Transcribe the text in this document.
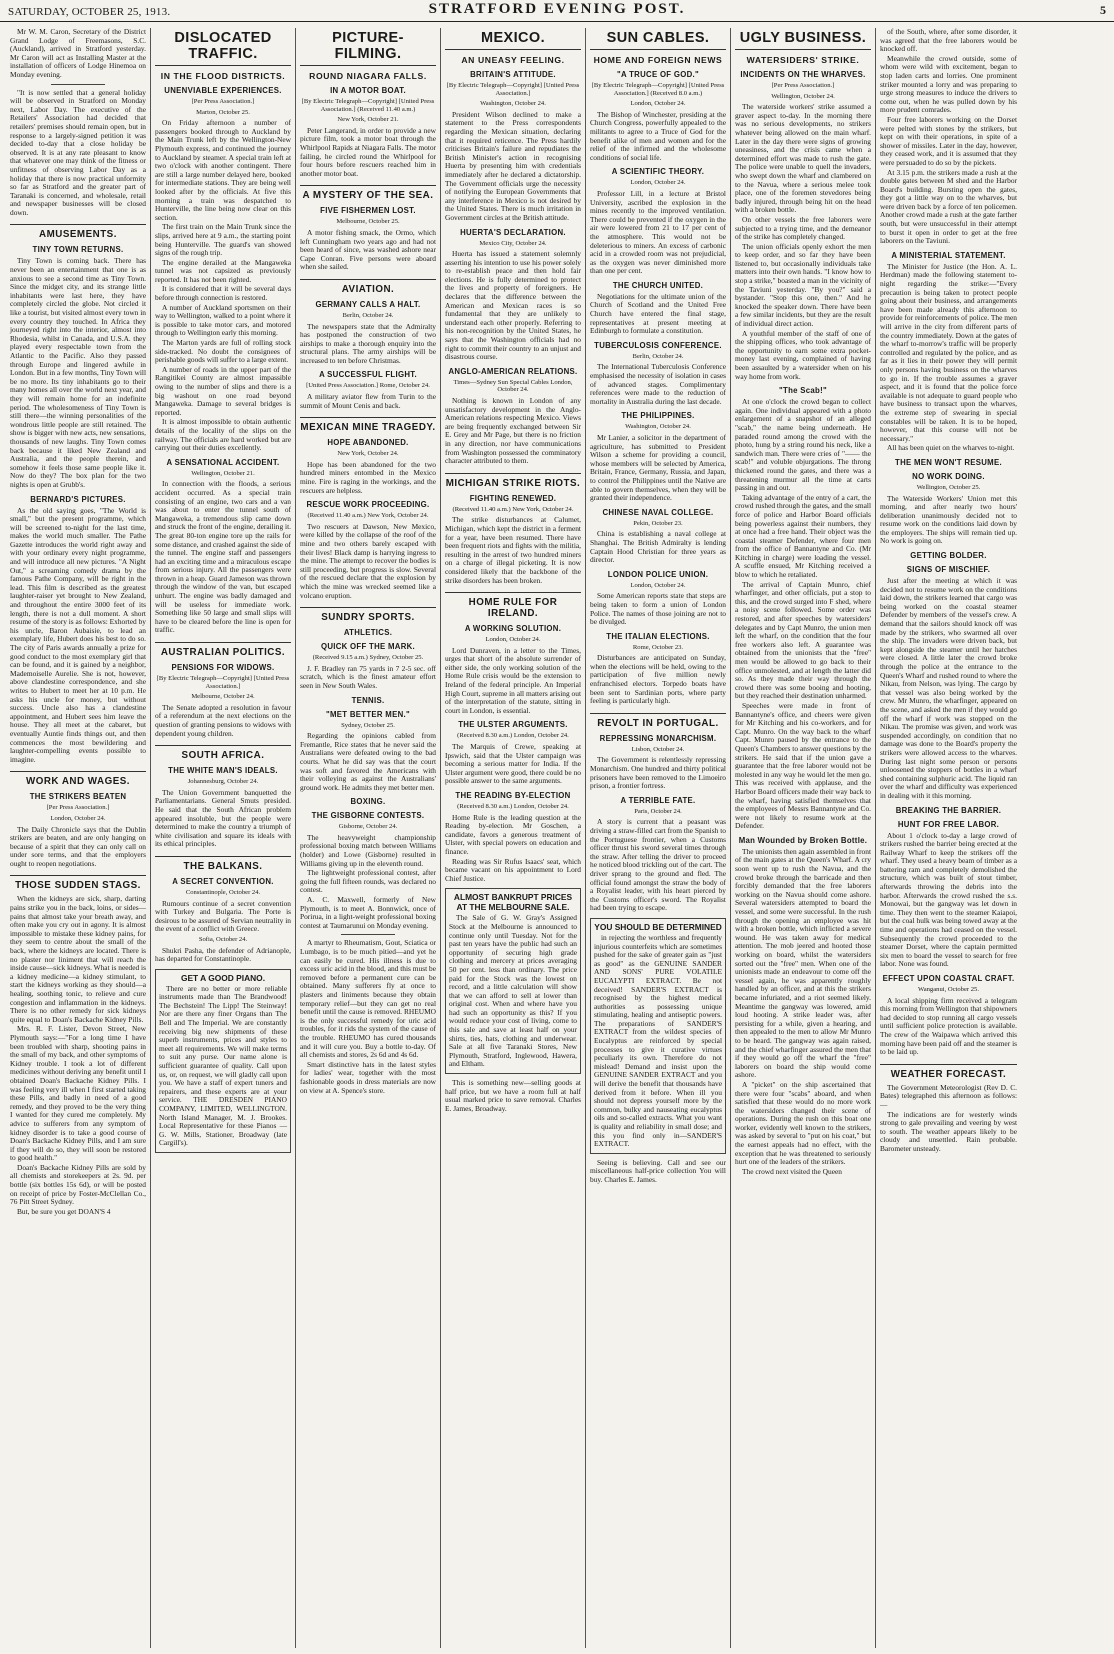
SATURDAY, OCTOBER 25, 1913.	STRATFORD EVENING POST.	5

Mr W. M. Caron, Secretary of the District Grand Lodge of Freemasons, S.C. (Auckland), arrived in Stratford yesterday. Mr Caron will act as Installing Master at the installation of officers of Lodge Hinemoa on Monday evening.

"It is now settled that a general holiday will be observed in Stratford on Monday next, Labor Day. The executive of the Retailers' Association had decided that retailers' premises should remain open, but in response to a largely-signed petition it was decided to-day that a close holiday be observed. It is at any rate pleasant to know that whatever one may think of the fitness or unfitness of observing Labor Day as a holiday that there is now practical unformity so far as Stratford and the greater part of Taranaki is concerned, and wholesale, retail and newspaper businesses will be closed down.

AMUSEMENTS.
TINY TOWN RETURNS.

Tiny Town is coming back. There has never been an entertainment that one is as anxious to see a second time as Tiny Town. Since the midget city, and its strange little inhabitants were last here, they have completely circled the globe. Not circled it like a tourist, but visited almost every town in every country they touched. In Africa they journeyed right into the interior, almost into Rhodesia, whilst in Canada, and U.S.A. they played every respectable town from the Atlantic to the Pacific. Also they passed through Europe and lingered awhile in London. But in a few months, Tiny Town will be no more. Its tiny inhabitants go to their many homes all over the world next year, and they will remain home for an indefinite period. The wholesomeness of Tiny Town is still there—the winning personalities of the wondrous little people are still retained. The show is bigger with new acts, new sensations, thousands of new laughs. Tiny Town comes back because it liked New Zealand and Australia, and the people therein, and somehow it feels those same people like it. Now do they? The box plan for the two nights is open at Grubb's.

BERNARD'S PICTURES.

As the old saying goes, "The World is small," but the present programme, which will be screened to-night for the last time, makes the world much smaller. The Pathe Gazette introduces the world right away and with your ordinary every night programme, and will introduce all new pictures. "A Night Out," a screaming comedy drama by the famous Pathe Company, will be right in the lead. This film is described as the greatest laughter-raiser yet brought to New Zealand, and throughout the entire 3000 feet of its length, there is not a dull moment. A short resume of the story is as follows: Exhorted by his uncle, Baron Aubaisie, to lead an exemplary life, Hubert does his best to do so. The city of Paris awards annually a prize for good conduct to the most exemplary girl that can be found, and it is gained by a neighbor, Mademoiselle Aurelie. She is not, however, above clandestine correspondence, and she writes to Hubert to meet her at 10 p.m. He asks his uncle for money, but without success. Uncle also has a clandestine appointment, and Hubert sees him leave the house. They all meet at the cabaret, but eventually Auntie finds things out, and then commences the most bewildering and laughter-compelling events possible to imagine.

WORK AND WAGES.
THE STRIKERS BEATEN
[Per Press Association.]
London, October 24.

The Daily Chronicle says that the Dublin strikers are beaten, and are only hanging on because of a spirit that they can only call on under sore terms, and that the employers ought to reopen negotiations.

THOSE SUDDEN STAGS.

When the kidneys are sick, sharp, darting pains strike you in the back, loins, or sides—pains that almost take your breath away, and often make you cry out in agony. It is almost impossible to mistake these kidney pains, for they seem to centre about the small of the back, where the kidneys are located. There is no plaster nor liniment that will reach the inside cause—sick kidneys. What is needed is a kidney medicine—a kidney stimulant, to start the kidneys working as they should—a healing, soothing tonic, to relieve and cure congestion and inflammation in the kidneys. There is no other remedy for sick kidneys quite equal to Doan's Backache Kidney Pills.

Mrs. R. F. Lister, Devon Street, New Plymouth says:—"For a long time I have been troubled with sharp, shooting pains in the small of my back, and other symptoms of Kidney trouble. I took a lot of different medicines without deriving any benefit until I obtained Doan's Backache Kidney Pills. I was feeling very ill when I first started taking these Pills, and badly in need of a good remedy, and they proved to be the very thing I wanted for they cured me completely. My advice to sufferers from any symptom of kidney disorder is to take a good course of Doan's Backache Kidney Pills, and I am sure if they will do so, they will soon be restored to good health."

Doan's Backache Kidney Pills are sold by all chemists and storekeepers at 2s. 9d. per bottle (six bottles 15s 6d), or will be posted on receipt of price by Foster-McClellan Co., 76 Pitt Street Sydney.

But, be sure you get DOAN'S 4

DISLOCATED TRAFFIC.
IN THE FLOOD DISTRICTS.
UNENVIABLE EXPERIENCES.
[Per Press Association.]
Marton, October 25.

On Friday afternoon a number of passengers booked through to Auckland by the Main Trunk left by the Wellington-New Plymouth express, and continued the journey to Auckland by steamer. A special train left at two o'clock with another contingent. There are still a large number delayed here, booked for intermediate stations. They are being well looked after by the officials. At five this morning a train was despatched to Hunterville, the line being now clear on this section.

The first train on the Main Trunk since the slips, arrived here at 9 a.m., the starting point being Hunterville. The guard's van showed signs of the rough trip.

The engine derailed at the Mangaweka tunnel was not capsized as previously reported. It has not been righted.

It is considered that it will be several days before through connection is restored.

A number of Auckland sportsmen on their way to Wellington, walked to a point where it is possible to take motor cars, and motored through to Wellington early this morning.

The Marton yards are full of rolling stock side-tracked. No doubt the consignees of perishable goods will suffer to a large extent.

A number of roads in the upper part of the Rangitikei County are almost impassible owing to the number of slips and there is a big washout on one road beyond Mangaweka. Damage to several bridges is reported.

It is almost impossible to obtain authentic details of the locality of the slips on the railway. The officials are hard worked but are carrying out their duties excellently.

A SENSATIONAL ACCIDENT.
Wellington, October 21.

In connection with the floods, a serious accident occurred. As a special train consisting of an engine, two cars and a van was about to enter the tunnel south of Mangaweka, a tremendous slip came down and struck the front of the engine, derailing it. The great 80-ton engine tore up the rails for some distance, and crashed against the side of the tunnel. The engine staff and passengers had an exciting time and a miraculous escape from serious injury. All the passengers were thrown in a heap. Guard Jameson was thrown through the window of the van, but escaped unhurt. The engine was badly damaged and will be useless for immediate work. Something like 50 large and small slips will have to be cleared before the line is open for traffic.

AUSTRALIAN POLITICS.
PENSIONS FOR WIDOWS.
[By Electric Telegraph—Copyright] [United Press Association.]
Melbourne, October 24.

The Senate adopted a resolution in favour of a referendum at the next elections on the question of granting pensions to widows with dependent young children.

SOUTH AFRICA.
THE WHITE MAN'S IDEALS.
Johannesburg, October 24.

The Union Government banquetted the Parliamentarians. General Smuts presided. He said that the South African problem appeared insoluble, but the people were determined to make the country a triumph of white civilisation and square its ideals with its ethical principles.

THE BALKANS.
A SECRET CONVENTION.
Constantinople, October 24.

Rumours continue of a secret convention with Turkey and Bulgaria. The Porte is desirous to be assured of Servian neutrality in the event of a conflict with Greece.

Sofia, October 24.

Shukri Pasha, the defender of Adrianople, has departed for Constantinople.

GET A GOOD PIANO.

There are no better or more reliable instruments made than The Brandwood! The Bechstein! The Lipp! The Steinway! Nor are there any finer Organs than The Bell and The Imperial. We are constantly receiving big new shipments of these superb instruments, prices and styles to meet all requirements. We will make terms to suit any purse. Our name alone is sufficient guarantee of quality. Call upon us, or, on request, we will gladly call upon you. We have a staff of expert tuners and repairers, and these experts are at your service. THE DRESDEN PIANO COMPANY, LIMITED, WELLINGTON. North Island Manager, M. J. Brookes. Local Representative for these Pianos —G. W. Mills, Stationer, Broadway (late Cargill's).

PICTURE-FILMING.
ROUND NIAGARA FALLS.
IN A MOTOR BOAT.
[By Electric Telegraph—Copyright] [United Press Association.] (Received 11.40 a.m.)
New York, October 21.

Peter Langerand, in order to provide a new picture film, took a motor boat through the Whirlpool Rapids at Niagara Falls. The motor failing, he circled round the Whirlpool for four hours before rescuers reached him in another motor boat.

A MYSTERY OF THE SEA.
FIVE FISHERMEN LOST.
Melbourne, October 25.

A motor fishing smack, the Ormo, which left Cunningham two years ago and had not been heard of since, was washed ashore near Cape Conran. Five persons were aboard when she sailed.

AVIATION.
GERMANY CALLS A HALT.
Berlin, October 24.

The newspapers state that the Admiralty has postponed the construction of two airships to make a thorough enquiry into the structural plans. The army airships will be increased to ten before Christmas.

A SUCCESSFUL FLIGHT.
[United Press Association.] Rome, October 24.

A military aviator flew from Turin to the summit of Mount Cenis and back.

MEXICAN MINE TRAGEDY.
HOPE ABANDONED.
New York, October 24.

Hope has been abandoned for the two hundred miners entombed in the Mexico mine. Fire is raging in the workings, and the rescuers are helpless.

RESCUE WORK PROCEEDING.
(Received 11.40 a.m.) New York, October 24.

Two rescuers at Dawson, New Mexico, were killed by the collapse of the roof of the mine and two others barely escaped with their lives! Black damp is harrying ingress to the mine. The attempt to recover the bodies is still proceeding, but progress is slow. Several of the rescued declare that the explosion by which the mine was wrecked seemed like a volcano eruption.

SUNDRY SPORTS.
ATHLETICS.
QUICK OFF THE MARK.
(Received 9.15 a.m.) Sydney, October 25.

J. F. Bradley ran 75 yards in 7 2-5 sec. off scratch, which is the finest amateur effort seen in New South Wales.

TENNIS.
"MET BETTER MEN."
Sydney, October 25.

Regarding the opinions cabled from Fremantle, Rice states that he never said the Australians were defeated owing to the bad courts. What he did say was that the court was soft and favored the Americans with their volleying as against the Australians' ground work. He admits they met better men.

BOXING.
THE GISBORNE CONTESTS.
Gisborne, October 24.

The heavyweight championship professional boxing match between Williams (holder) and Lowe (Gisborne) resulted in Williams giving up in the eleventh round.

The lightweight professional contest, after going the full fifteen rounds, was declared no contest.

A. C. Maxwell, formerly of New Plymouth, is to meet A. Bonnwick, once of Porirua, in a light-weight professional boxing contest at Taumarunui on Monday evening.

A martyr to Rheumatism, Gout, Sciatica or Lumbago, is to be much pitied—and yet he can easily be cured. His illness is due to excess uric acid in the blood, and this must be removed before a permanent cure can be obtained. Many sufferers fly at once to plasters and liniments because they obtain temporary relief—but they can get no real benefit until the cause is removed. RHEUMO is the only successful remedy for uric acid troubles, for it rids the system of the cause of the trouble. RHEUMO has cured thousands and it will cure you. Buy a bottle to-day. Of all chemists and stores, 2s 6d and 4s 6d.

Smart distinctive hats in the latest styles for ladies' wear, together with the most fashionable goods in dress materials are now on view at A. Spence's store.

MEXICO.
AN UNEASY FEELING.
BRITAIN'S ATTITUDE.
[By Electric Telegraph—Copyright] [United Press Association.]
Washington, October 24.

President Wilson declined to make a statement to the Press correspondents regarding the Mexican situation, declaring that it required reticence. The Press hardily criticises Britain's failure and repudiates the British Minister's action in recognising Huerta by presenting him with credentials immediately after he declared a dictatorship. The Government officials urge the necessity of notifying the European Governments that any interference in Mexico is not desired by the United States. There is much irritation in Government circles at the British attitude.

HUERTA'S DECLARATION.
Mexico City, October 24.

Huerta has issued a statement solemnly asserting his intention to use his power solely to re-establish peace and then hold fair elections. He is fully determined to protect the lives and property of foreigners. He declares that the difference between the American and Mexican races is so fundamental that they are unlikely to understand each other properly. Referring to his non-recognition by the United States, he says that the Washington officials had no right to commit their country to an unjust and disastrous course.

ANGLO-AMERICAN RELATIONS.
Times—Sydney Sun Special Cables London, October 24.

Nothing is known in London of any unsatisfactory development in the Anglo-American relations respecting Mexico. Views are being frequently exchanged between Sir E. Grey and Mr Page, but there is no friction in any direction, nor have communications from Washington possessed the comminatory character attributed to them.

MICHIGAN STRIKE RIOTS.
FIGHTING RENEWED.
(Received 11.40 a.m.) New York, October 24.

The strike disturbances at Calumet, Michigan, which kept the district in a ferment for a year, have been resumed. There have been frequent riots and fights with the militia, resulting in the arrest of two hundred miners on a charge of illegal picketing. It is now considered likely that the backbone of the strike disorders has been broken.

HOME RULE FOR IRELAND.
A WORKING SOLUTION.
London, October 24.

Lord Dunraven, in a letter to the Times, urges that short of the absolute surrender of either side, the only working solution of the Home Rule crisis would be the extension to Ireland of the federal principle. An Imperial High Court, supreme in all matters arising out of the interpretation of the statute, sitting in court in London, is essential.

THE ULSTER ARGUMENTS.
(Received 8.30 a.m.) London, October 24.

The Marquis of Crewe, speaking at Ipswich, said that the Ulster campaign was becoming a serious matter for India. If the Ulster argument were good, there could be no possible answer to the same arguments.

THE READING BY-ELECTION
(Received 8.30 a.m.) London, October 24.

Home Rule is the leading question at the Reading by-election. Mr Goschen, a candidate, favors a generous treatment of Ulster, with special powers on education and finance.

Reading was Sir Rufus Isaacs' seat, which became vacant on his appointment to Lord Chief Justice.

ALMOST BANKRUPT PRICES AT THE MELBOURNE SALE.

The Sale of G. W. Gray's Assigned Stock at the Melbourne is announced to continue only until Tuesday. Not for the past ten years have the public had such an opportunity of securing high grade clothing and mercery at prices averaging 50 per cent. less than ordinary. The price paid for the Stock was the lowest on record, and a little calculation will show that we can afford to sell at lower than original cost. When and where have you had such an opportunity as this? If you would reduce your cost of living, come to this sale and save at least half on your shirts, ties, hats, clothing and underwear. Sale at all five Taranaki Stores, New Plymouth, Stratford, Inglewood, Hawera, and Eltham.

This is something new—selling goods at half price, but we have a room full at half usual marked price to save removal. Charles E. James, Broadway.

SUN CABLES.
HOME AND FOREIGN NEWS
"A TRUCE OF GOD."
[By Electric Telegraph—Copyright] [United Press Association.] (Received 8.0 a.m.)
London, October 24.

The Bishop of Winchester, presiding at the Church Congress, powerfully appealed to the militants to agree to a Truce of God for the benefit alike of men and women and for the relief of the infirmed and the wholesome conditions of social life.

A SCIENTIFIC THEORY.
London, October 24.

Professor Lill, in a lecture at Bristol University, ascribed the explosion in the mines recently to the improved ventilation. There could be prevented if the oxygen in the air were lowered from 21 to 17 per cent of the atmosphere. This would not be deleterious to miners. An excess of carbonic acid in a crowded room was not prejudicial, as the oxygen was never diminished more than one per cent.

THE CHURCH UNITED.

Negotiations for the ultimate union of the Church of Scotland and the United Free Church have entered the final stage, representatives at present meeting at Edinburgh to formulate a constitution.

TUBERCULOSIS CONFERENCE.
Berlin, October 24.

The International Tuberculosis Conference emphasised the necessity of isolation in cases of advanced stages. Complimentary references were made to the reduction of mortality in Australia during the last decade.

THE PHILIPPINES.
Washington, October 24.

Mr Lanier, a solicitor in the department of agriculture, has submitted to President Wilson a scheme for providing a council, whose members will be selected by America, Britain, France, Germany, Russia, and Japan, to control the Philippines until the Native are able to govern themselves, when they will be granted their independence.

CHINESE NAVAL COLLEGE.
Pekin, October 23.

China is establishing a naval college at Shanghai. The British Admiralty is lending Captain Hood Christian for three years as director.

LONDON POLICE UNION.
London, October 24.

Some American reports state that steps are being taken to form a union of London Police. The names of those joining are not to be divulged.

THE ITALIAN ELECTIONS.
Rome, October 23.

Disturbances are anticipated on Sunday, when the elections will be held, owing to the participation of five million newly enfranchised electors. Torpedo boats have been sent to Sardinian ports, where party feeling is particularly high.

REVOLT IN PORTUGAL.
REPRESSING MONARCHISM.
Lisbon, October 24.

The Government is relentlessly repressing Monarchism. One hundred and thirty political prisoners have been removed to the Limoeiro prison, a frontier fortress.

A TERRIBLE FATE.
Paris, October 24.

A story is current that a peasant was driving a straw-filled cart from the Spanish to the Portuguese frontier, when a Customs officer thrust his sword several times through the straw. After telling the driver to proceed he noticed blood trickling out of the cart. The driver sprang to the ground and fled. The official found amongst the straw the body of a Royalist leader, with his heart pierced by the Customs officer's sword. The Royalist had been trying to escape.

YOU SHOULD BE DETERMINED

in rejecting the worthless and frequently injurious counterfeits which are sometimes pushed for the sake of greater gain as "just as good" as the GENUINE SANDER AND SONS' PURE VOLATILE EUCALYPTI EXTRACT. Be not deceived! SANDER'S EXTRACT is recognised by the highest medical authorities as possessing unique stimulating, healing and antiseptic powers. The preparations of SANDER'S EXTRACT from the wildest species of Eucalyptus are reinforced by special processes to give it curative virtues peculiarly its own. Therefore do not mislead! Demand and insist upon the GENUINE SANDER EXTRACT and you will derive the benefit that thousands have derived from it before. When ill you should not depress yourself more by the common, bulky and nauseating eucalyptus oils and so-called extracts. What you want is quality and reliability in small dose; and this you find only in—SANDER'S EXTRACT.

Seeing is believing. Call and see our miscellaneous half-price collection You will buy. Charles E. James.

UGLY BUSINESS.
WATERSIDERS' STRIKE.
INCIDENTS ON THE WHARVES.
[Per Press Association.]
Wellington, October 24.

The waterside workers' strike assumed a graver aspect to-day. In the morning there was no serious developments, no strikers whatever being allowed on the main wharf. Later in the day there were signs of growing uneasiness, and the crisis came when a determined effort was made to rush the gate. The police were unable to quell the invaders, who swept down the wharf and clambered on to the Navua, where a serious melee took place, one of the foremen stevedores being badly injured, through being hit on the head with a broken bottle.

On other vessels the free laborers were subjected to a trying time, and the demeanor of the strike has completely changed.

The union officials openly exhort the men to keep order, and so far they have been listened to, but occasionally individuals take matters into their own hands. "I know how to stop a strike," boasted a man in the vicinity of the Taviuni yesterday. "By you?" said a bystander. "Stop this one, then." And he knocked the speaker down. There have been a few similar incidents, but they are the result of individual direct action.

A youthful member of the staff of one of the shipping offices, who took advantage of the opportunity to earn some extra pocket-money last evening, complained of having been assaulted by a watersider when on his way home from work.

"The Scab!"

At one o'clock the crowd began to collect again. One individual appeared with a photo enlargement of a snapshot of an alleged "scab," the name being underneath. He paraded round among the crowd with the photo, hung by a string round his neck, like a sandwich man. There were cries of "—— the scab!" and voluble objurgations. The throng thickened round the gates, and there was a threatening murmur all the time at carts passing in and out.

Taking advantage of the entry of a cart, the crowd rushed through the gates, and the small force of police and Harbor Board officials being powerless against their numbers, they at once had a free hand. Their object was the coastal steamer Defender, where four men from the office of Bannantyne and Co. (Mr Kitching in charge) were loading the vessel. A scuffle ensued, Mr Kitching received a blow to which he retaliated.

The arrival of Captain Munro, chief wharfinger, and other officials, put a stop to this, and the crowd surged into F shed, where a noisy scene followed. Some order was restored, and after speeches by watersiders' delegates and by Capt Munro, the union men left the wharf, on the condition that the four free workers also left. A guarantee was obtained from the unionists that the "free" men would be allowed to go back to their office unmolested, and at length the latter did so. As they made their way through the crowd there was some booing and hooting, but they reached their destination unharmed.

Speeches were made in front of Bannantyne's office, and cheers were given for Mr Kitching and his co-workers, and for Capt. Munro. On the way back to the wharf Capt. Munro paused by the entrance to the Queen's Chambers to answer questions by the strikers. He said that if the union gave a guarantee that the free laborer would not be molested in any way he would let the men go. This was received with applause, and the Harbor Board officers made their way back to the wharf, having satisfied themselves that the employees of Messrs Bannantyne and Co. were not likely to resume work at the Defender.

Man Wounded by Broken Bottle.

The unionists then again assembled in front of the main gates at the Queen's Wharf. A cry soon went up to rush the Navua, and the crowd broke through the barricade and then forcibly demanded that the free laborers working on the Navua should come ashore. Several watersiders attempted to board the vessel, and some were successful. In the rush through the opening an employee was hit with a broken bottle, which inflicted a severe wound. He was taken away for medical attention. The mob jeered and hooted those working on board, whilst the watersiders sorted out the "free" men. When one of the unionists made an endeavour to come off the vessel again, he was apparently roughly handled by an officer, and at this the strikers became infuriated, and a riot seemed likely. Meantime the gangway was lowered, amid loud hooting. A strike leader was, after persisting for a while, given a hearing, and then appealed to the men to allow Mr Munro to be heard. The gangway was again raised, and the chief wharfinger assured the men that if they would go off the wharf the "free" laborers on board the ship would come ashore.

A "picket" on the ship ascertained that there were four "scabs" aboard, and when satisfied that these would do no more work the watersiders changed their scene of operations. During the rush on this boat one worker, evidently well known to the strikers, was asked by several to "put on his coat," but the earnest appeals had no effect, with the exception that he was threatened to seriously hurt one of the leaders of the strikers.

The crowd next visited the Queen

of the South, where, after some disorder, it was agreed that the free laborers would be knocked off.

Meanwhile the crowd outside, some of whom were wild with excitement, began to stop laden carts and lorries. One prominent striker mounted a lorry and was preparing to urge strong measures to induce the drivers to come out, when he was pulled down by his more prudent comrades.

Four free laborers working on the Dorset were pelted with stones by the strikers, but kept on with their operations, in spite of a shower of missiles. Later in the day, however, they ceased work, and it is assumed that they were persuaded to do so by the pickets.

At 3.15 p.m. the strikers made a rush at the double gates between M shed and the Harbor Board's building. Bursting open the gates, they got a little way on to the wharves, but were driven back by a force of ten policemen. Another crowd made a rush at the gate farther south, but were unsuccessful in their attempt to burst it open in order to get at the free laborers on the Taviuni.

A MINISTERIAL STATEMENT.

The Minister for Justice (the Hon. A. L. Herdman) made the following statement to-night regarding the strike:—"Every precaution is being taken to protect people going about their business, and arrangements have been made already this afternoon to provide for reinforcements of police. The men will arrive in the city from different parts of the country immediately. Down at the gates of the wharf to-morrow's traffic will be properly controlled and regulated by the police, and as far as it lies in their power they will permit only persons having business on the wharves to go in. If the trouble assumes a graver aspect, and it is found that the police force available is not adequate to guard people who have business to transact upon the wharves, the extreme step of swearing in special constables will be taken. It is to be hoped, however, that this course will not be necessary."

All has been quiet on the wharves to-night.

THE MEN WON'T RESUME.
NO WORK DOING.
Wellington, October 25.

The Waterside Workers' Union met this morning, and after nearly two hours' deliberation unanimously decided not to resume work on the conditions laid down by the employers. The ships will remain tied up. No work is going on.

GETTING BOLDER.
SIGNS OF MISCHIEF.

Just after the meeting at which it was decided not to resume work on the conditions laid down, the strikers learned that cargo was being worked on the coastal steamer Defender by members of the vessel's crew. A demand that the sailors should knock off was made by the strikers, who swarmed all over the ship. The invaders were driven back, but kept alongside the steamer until her hatches were closed. A little later the crowd broke through the police at the entrance to the Queen's Wharf and rushed round to where the Nikau, from Nelson, was lying. The cargo by that vessel was also being worked by the crew. Mr Munro, the wharfinger, appeared on the scene, and asked the men if they would go off the wharf if work was stopped on the Nikau. The promise was given, and work was suspended accordingly, on condition that no damage was done to the Board's property the strikers were allowed access to the wharves. During last night some person or persons unloosened the stoppers of bottles in a wharf shed containing sulphuric acid. The liquid ran over the wharf and difficulty was experienced in dealing with it this morning.

BREAKING THE BARRIER.
HUNT FOR FREE LABOR.

About 1 o'clock to-day a large crowd of strikers rushed the barrier being erected at the Railway Wharf to keep the strikers off the wharf. They used a heavy beam of timber as a battering ram and completely demolished the structure, which was built of stout timber, afterwards throwing the debris into the harbor. Afterwards the crowd rushed the s.s. Monowai, but the gangway was let down in time. They then went to the steamer Kaiapoi, but the coal hulk was being towed away at the time and operations had ceased on the vessel. Subsequently the crowd proceeded to the steamer Dorset, where the captain permitted six men to board the vessel to search for free labor. None was found.

EFFECT UPON COASTAL CRAFT.
Wanganui, October 25.

A local shipping firm received a telegram this morning from Wellington that shipowners had decided to stop running all cargo vessels until sufficient police protection is available. The crew of the Waipawa which arrived this morning have been paid off and the steamer is to be laid up.

WEATHER FORECAST.

The Government Meteorologist (Rev D. C. Bates) telegraphed this afternoon as follows:—

The indications are for westerly winds strong to gale prevailing and veering by west to south. The weather appears likely to be cloudy and unsettled. Rain probable. Barometer unsteady.
